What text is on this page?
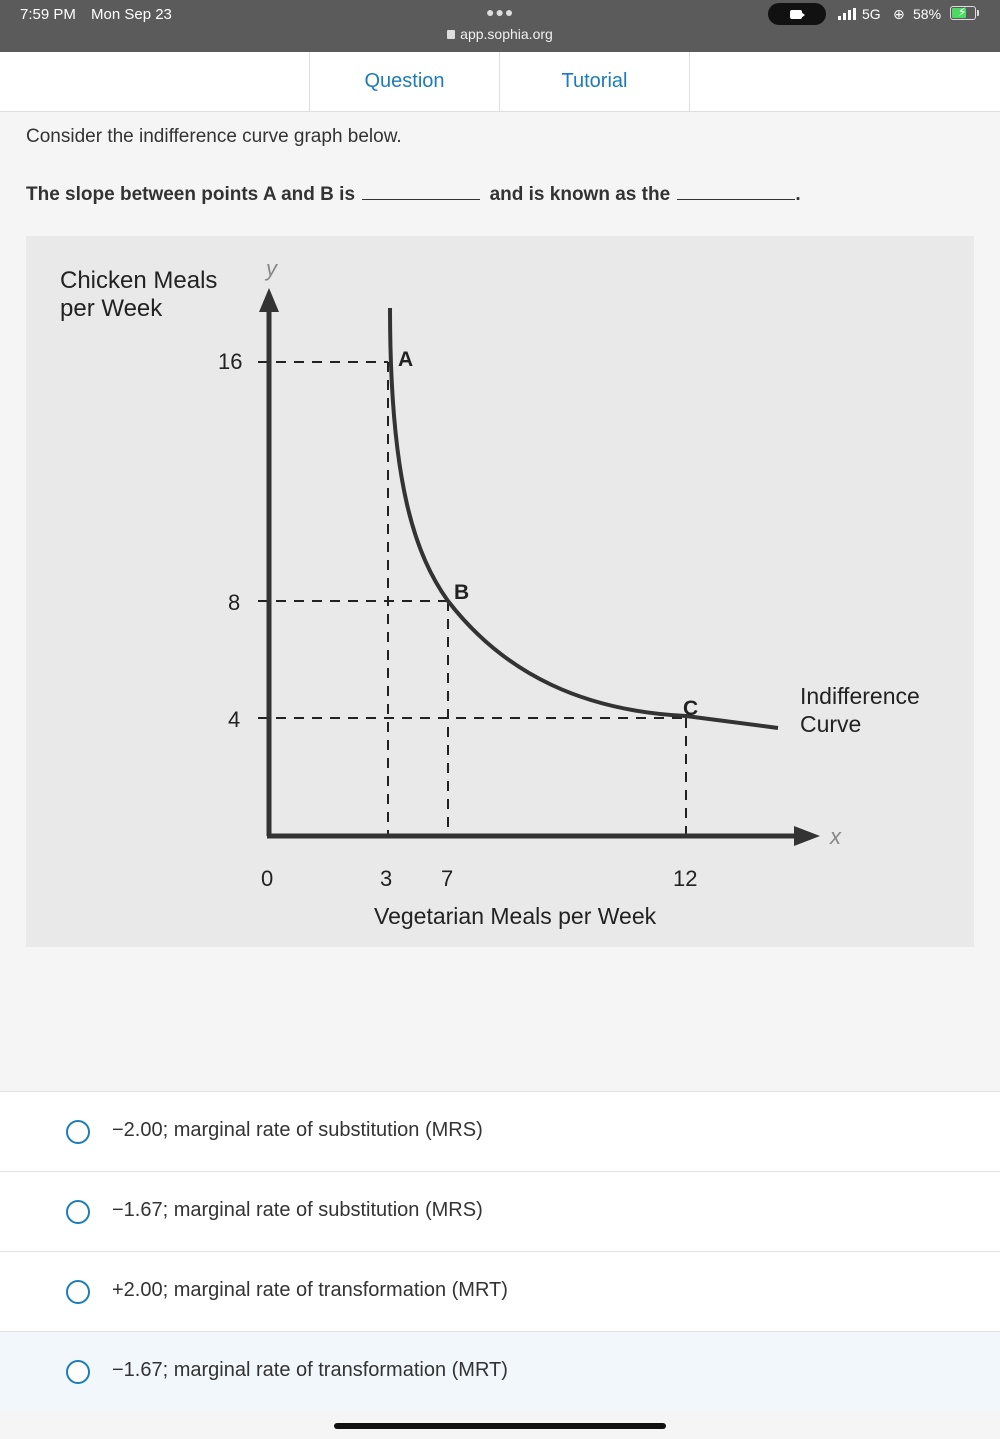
7:59 PM Mon Sep 23	●●●
app.sophia.org
5G ⊕ 58% ⚡
Question	Tutorial
Consider the indifference curve graph below.
The slope between points A and B is	and is known as the	.
Chicken Meals
per Week
y
x
16
8
4
0	3 7	12
Vegetarian Meals per Week
A
B
C	Indifference
Curve
−2.00; marginal rate of substitution (MRS)
−1.67; marginal rate of substitution (MRS)
+2.00; marginal rate of transformation (MRT)
−1.67; marginal rate of transformation (MRT)
